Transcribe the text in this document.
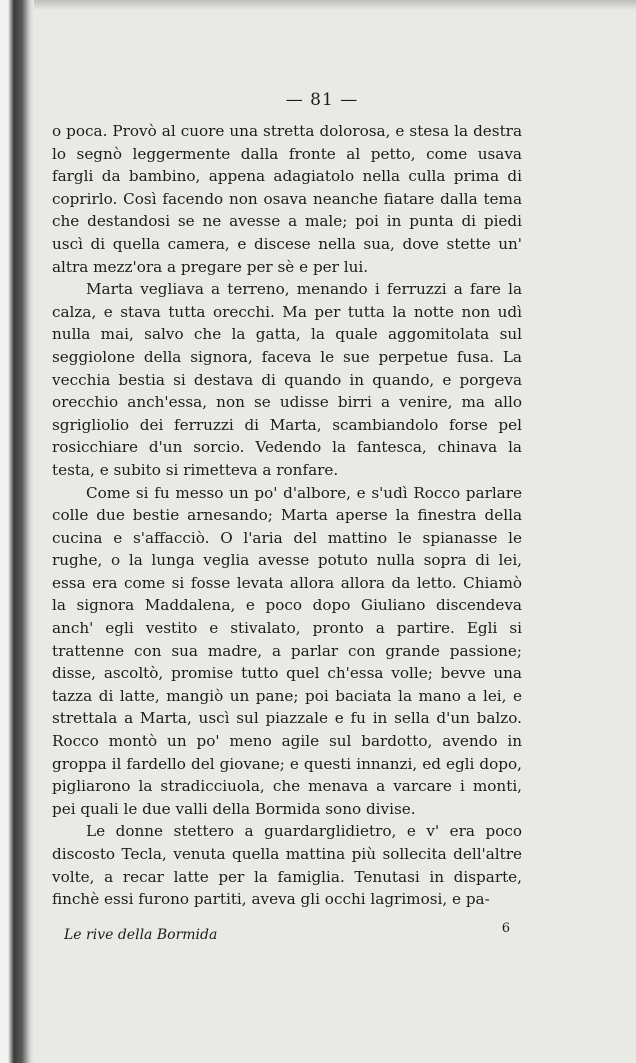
— 81 —

o poca. Provò al cuore una stretta dolorosa, e stesa la destra lo segnò leggermente dalla fronte al petto, come usava fargli da bambino, appena adagiatolo nella culla prima di coprirlo. Così facendo non osava neanche fiatare dalla tema che destandosi se ne avesse a male; poi in punta di piedi uscì di quella camera, e discese nella sua, dove stette un' altra mezz'ora a pregare per sè e per lui.

Marta vegliava a terreno, menando i ferruzzi a fare la calza, e stava tutta orecchi. Ma per tutta la notte non udì nulla mai, salvo che la gatta, la quale aggomitolata sul seggiolone della signora, faceva le sue perpetue fusa. La vecchia bestia si destava di quando in quando, e porgeva orecchio anch'essa, non se udisse birri a venire, ma allo sgrigliolio dei ferruzzi di Marta, scambiandolo forse pel rosicchiare d'un sorcio. Vedendo la fantesca, chinava la testa, e subito si rimetteva a ronfare.

Come si fu messo un po' d'albore, e s'udì Rocco parlare colle due bestie arnesando; Marta aperse la finestra della cucina e s'affacciò. O l'aria del mattino le spianasse le rughe, o la lunga veglia avesse potuto nulla sopra di lei, essa era come si fosse levata allora allora da letto. Chiamò la signora Maddalena, e poco dopo Giuliano discendeva anch' egli vestito e stivalato, pronto a partire. Egli si trattenne con sua madre, a parlar con grande passione; disse, ascoltò, promise tutto quel ch'essa volle; bevve una tazza di latte, mangiò un pane; poi baciata la mano a lei, e strettala a Marta, uscì sul piazzale e fu in sella d'un balzo. Rocco montò un po' meno agile sul bardotto, avendo in groppa il fardello del giovane; e questi innanzi, ed egli dopo, pigliarono la stradicciuola, che menava a varcare i monti, pei quali le due valli della Bormida sono divise.

Le donne stettero a guardarglidietro, e v' era poco discosto Tecla, venuta quella mattina più sollecita dell'altre volte, a recar latte per la famiglia. Tenutasi in disparte, finchè essi furono partiti, aveva gli occhi lagrimosi, e pa-

Le rive della Bormida	6
